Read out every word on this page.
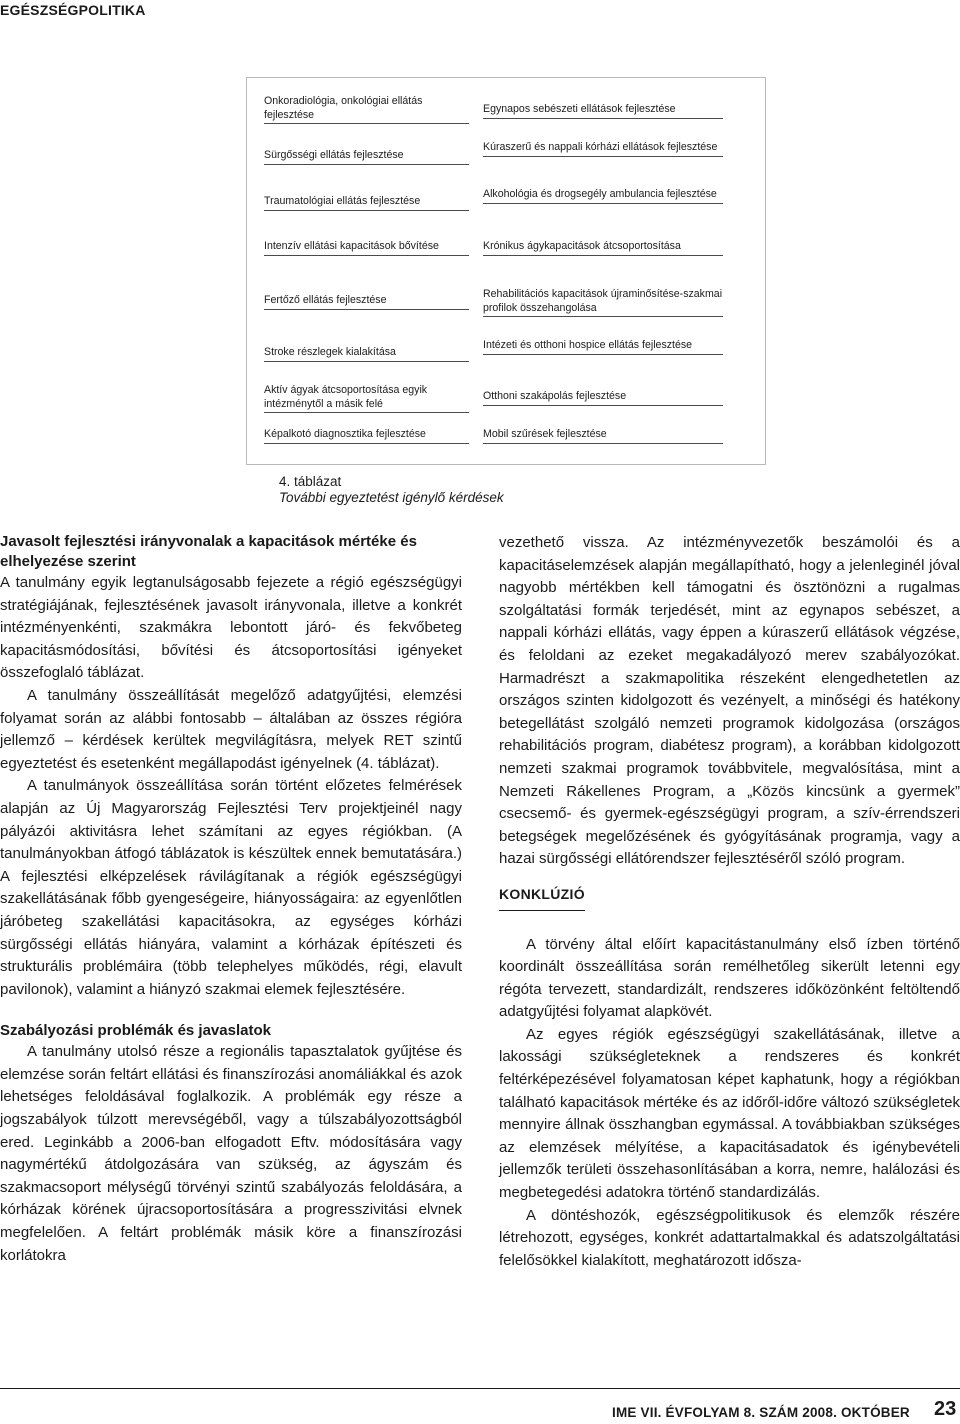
EGÉSZSÉGPOLITIKA
Onkoradiológia, onkológiai ellátás fejlesztése
Sürgősségi ellátás fejlesztése
Traumatológiai ellátás fejlesztése
Intenzív ellátási kapacitások bővítése
Fertőző ellátás fejlesztése
Stroke részlegek kialakítása
Aktív ágyak átcsoportosítása egyik intézménytől a másik felé
Képalkotó diagnosztika fejlesztése
Egynapos sebészeti ellátások fejlesztése
Kúraszerű és nappali kórházi ellátások fejlesztése
Alkohológia és drogsegély ambulancia fejlesztése
Krónikus ágykapacitások átcsoportosítása
Rehabilitációs kapacitások újraminősítése-szakmai profilok összehangolása
Intézeti és otthoni hospice ellátás fejlesztése
Otthoni szakápolás fejlesztése
Mobil szűrések fejlesztése
4. táblázat
További egyeztetést igénylő kérdések
Javasolt fejlesztési irányvonalak a kapacitások mértéke és elhelyezése szerint

A tanulmány egyik legtanulságosabb fejezete a régió egészségügyi stratégiájának, fejlesztésének javasolt irányvonala, illetve a konkrét intézményenkénti, szakmákra lebontott járó- és fekvőbeteg kapacitásmódosítási, bővítési és átcsoportosítási igényeket összefoglaló táblázat.

A tanulmány összeállítását megelőző adatgyűjtési, elemzési folyamat során az alábbi fontosabb – általában az összes régióra jellemző – kérdések kerültek megvilágításra, melyek RET szintű egyeztetést és esetenként megállapodást igényelnek (4. táblázat).

A tanulmányok összeállítása során történt előzetes felmérések alapján az Új Magyarország Fejlesztési Terv projektjeinél nagy pályázói aktivitásra lehet számítani az egyes régiókban. (A tanulmányokban átfogó táblázatok is készültek ennek bemutatására.) A fejlesztési elképzelések rávilágítanak a régiók egészségügyi szakellátásának főbb gyengeségeire, hiányosságaira: az egyenlőtlen járóbeteg szakellátási kapacitásokra, az egységes kórházi sürgősségi ellátás hiányára, valamint a kórházak építészeti és strukturális problémáira (több telephelyes működés, régi, elavult pavilonok), valamint a hiányzó szakmai elemek fejlesztésére.

Szabályozási problémák és javaslatok

A tanulmány utolsó része a regionális tapasztalatok gyűjtése és elemzése során feltárt ellátási és finanszírozási anomáliákkal és azok lehetséges feloldásával foglalkozik. A problémák egy része a jogszabályok túlzott merevségéből, vagy a túlszabályozottságból ered. Leginkább a 2006-ban elfogadott Eftv. módosítására vagy nagymértékű átdolgozására van szükség, az ágyszám és szakmacsoport mélységű törvényi szintű szabályozás feloldására, a kórházak körének újracsoportosítására a progresszivitási elvnek megfelelően. A feltárt problémák másik köre a finanszírozási korlátokra

vezethető vissza. Az intézményvezetők beszámolói és a kapacitáselemzések alapján megállapítható, hogy a jelenleginél jóval nagyobb mértékben kell támogatni és ösztönözni a rugalmas szolgáltatási formák terjedését, mint az egynapos sebészet, a nappali kórházi ellátás, vagy éppen a kúraszerű ellátások végzése, és feloldani az ezeket megakadályozó merev szabályozókat. Harmadrészt a szakmapolitika részeként elengedhetetlen az országos szinten kidolgozott és vezényelt, a minőségi és hatékony betegellátást szolgáló nemzeti programok kidolgozása (országos rehabilitációs program, diabétesz program), a korábban kidolgozott nemzeti szakmai programok továbbvitele, megvalósítása, mint a Nemzeti Rákellenes Program, a „Közös kincsünk a gyermek” csecsemő- és gyermek-egészségügyi program, a szív-érrendszeri betegségek megelőzésének és gyógyításának programja, vagy a hazai sürgősségi ellátórendszer fejlesztéséről szóló program.

KONKLÚZIÓ

A törvény által előírt kapacitástanulmány első ízben történő koordinált összeállítása során remélhetőleg sikerült letenni egy régóta tervezett, standardizált, rendszeres időközönként feltöltendő adatgyűjtési folyamat alapkövét.

Az egyes régiók egészségügyi szakellátásának, illetve a lakossági szükségleteknek a rendszeres és konkrét feltérképezésével folyamatosan képet kaphatunk, hogy a régiókban található kapacitások mértéke és az időről-időre változó szükségletek mennyire állnak összhangban egymással. A továbbiakban szükséges az elemzések mélyítése, a kapacitásadatok és igénybevételi jellemzők területi összehasonlításában a korra, nemre, halálozási és megbetegedési adatokra történő standardizálás.

A döntéshozók, egészségpolitikusok és elemzők részére létrehozott, egységes, konkrét adattartalmakkal és adatszolgáltatási felelősökkel kialakított, meghatározott idősza-

IME VII. ÉVFOLYAM 8. SZÁM 2008. OKTÓBER 23
